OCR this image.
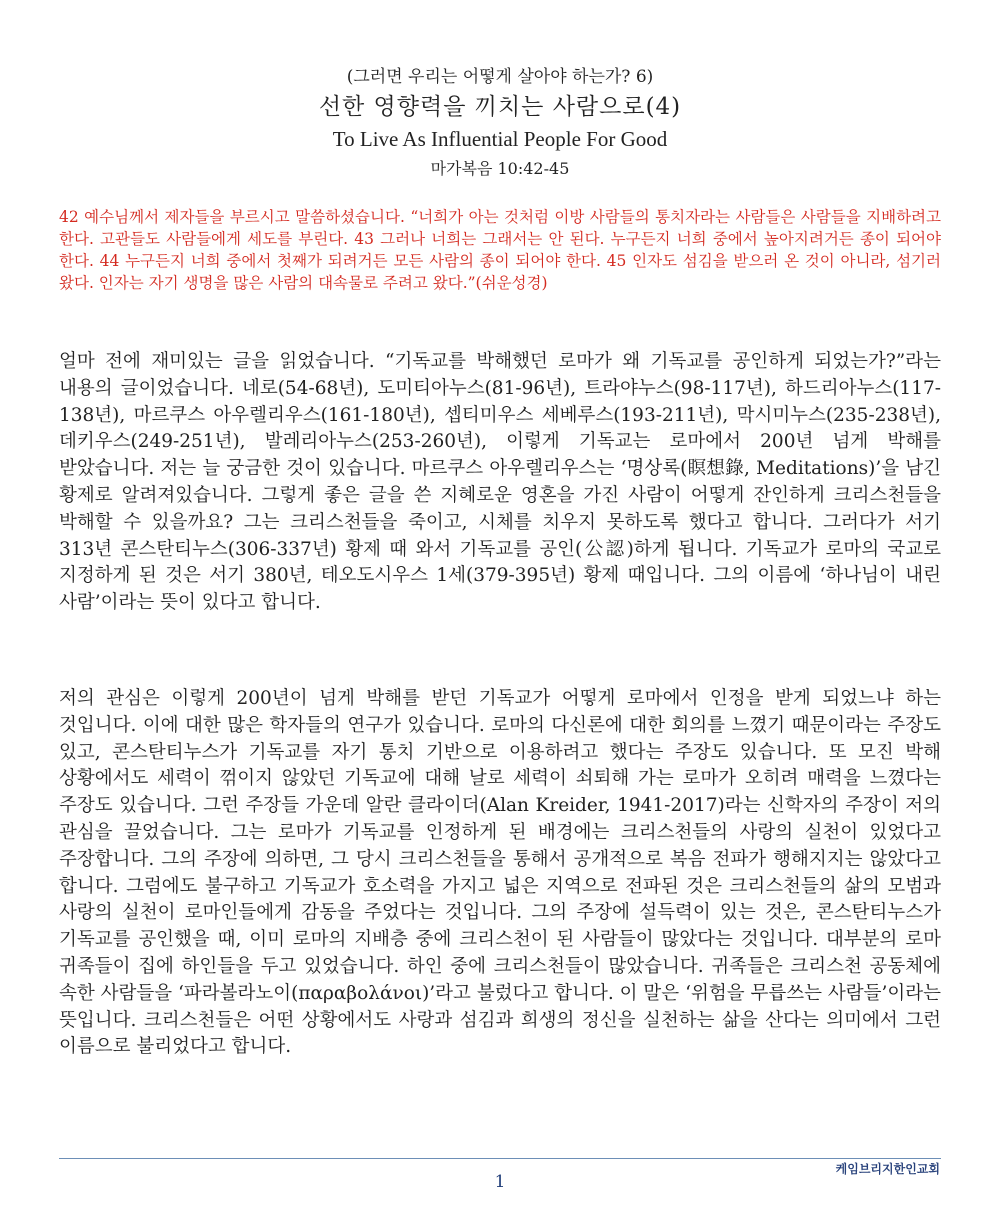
(그러면 우리는 어떻게 살아야 하는가? 6)
선한 영향력을 끼치는 사람으로(4)
To Live As Influential People For Good
마가복음 10:42-45
42 예수님께서 제자들을 부르시고 말씀하셨습니다. “너희가 아는 것처럼 이방 사람들의 통치자라는 사람들은 사람들을 지배하려고 한다. 고관들도 사람들에게 세도를 부린다. 43 그러나 너희는 그래서는 안 된다. 누구든지 너희 중에서 높아지려거든 종이 되어야 한다. 44 누구든지 너희 중에서 첫째가 되려거든 모든 사람의 종이 되어야 한다. 45 인자도 섬김을 받으러 온 것이 아니라, 섬기러 왔다. 인자는 자기 생명을 많은 사람의 대속물로 주려고 왔다.”(쉬운성경)
얼마 전에 재미있는 글을 읽었습니다. “기독교를 박해했던 로마가 왜 기독교를 공인하게 되었는가?”라는 내용의 글이었습니다. 네로(54-68년), 도미티아누스(81-96년), 트라야누스(98-117년), 하드리아누스(117-138년), 마르쿠스 아우렐리우스(161-180년), 셉티미우스 세베루스(193-211년), 막시미누스(235-238년), 데키우스(249-251년), 발레리아누스(253-260년), 이렇게 기독교는 로마에서 200년 넘게 박해를 받았습니다. 저는 늘 궁금한 것이 있습니다. 마르쿠스 아우렐리우스는 ‘명상록(瞑想錄, Meditations)’을 남긴 황제로 알려져있습니다. 그렇게 좋은 글을 쓴 지혜로운 영혼을 가진 사람이 어떻게 잔인하게 크리스천들을 박해할 수 있을까요? 그는 크리스천들을 죽이고, 시체를 치우지 못하도록 했다고 합니다. 그러다가 서기 313년 콘스탄티누스(306-337년) 황제 때 와서 기독교를 공인(公認)하게 됩니다. 기독교가 로마의 국교로 지정하게 된 것은 서기 380년, 테오도시우스 1세(379-395년) 황제 때입니다. 그의 이름에 ‘하나님이 내린 사람’이라는 뜻이 있다고 합니다.
저의 관심은 이렇게 200년이 넘게 박해를 받던 기독교가 어떻게 로마에서 인정을 받게 되었느냐 하는 것입니다. 이에 대한 많은 학자들의 연구가 있습니다. 로마의 다신론에 대한 회의를 느꼈기 때문이라는 주장도 있고, 콘스탄티누스가 기독교를 자기 통치 기반으로 이용하려고 했다는 주장도 있습니다. 또 모진 박해 상황에서도 세력이 꺾이지 않았던 기독교에 대해 날로 세력이 쇠퇴해 가는 로마가 오히려 매력을 느꼈다는 주장도 있습니다. 그런 주장들 가운데 알란 클라이더(Alan Kreider, 1941-2017)라는 신학자의 주장이 저의 관심을 끌었습니다. 그는 로마가 기독교를 인정하게 된 배경에는 크리스천들의 사랑의 실천이 있었다고 주장합니다. 그의 주장에 의하면, 그 당시 크리스천들을 통해서 공개적으로 복음 전파가 행해지지는 않았다고 합니다. 그럼에도 불구하고 기독교가 호소력을 가지고 넓은 지역으로 전파된 것은 크리스천들의 삶의 모범과 사랑의 실천이 로마인들에게 감동을 주었다는 것입니다. 그의 주장에 설득력이 있는 것은, 콘스탄티누스가 기독교를 공인했을 때, 이미 로마의 지배층 중에 크리스천이 된 사람들이 많았다는 것입니다. 대부분의 로마 귀족들이 집에 하인들을 두고 있었습니다. 하인 중에 크리스천들이 많았습니다. 귀족들은 크리스천 공동체에 속한 사람들을 ‘파라볼라노이(παραβολάνοι)’라고 불렀다고 합니다. 이 말은 ‘위험을 무릅쓰는 사람들’이라는 뜻입니다. 크리스천들은 어떤 상황에서도 사랑과 섬김과 희생의 정신을 실천하는 삶을 산다는 의미에서 그런 이름으로 불리었다고 합니다.
케임브리지한인교회
1
